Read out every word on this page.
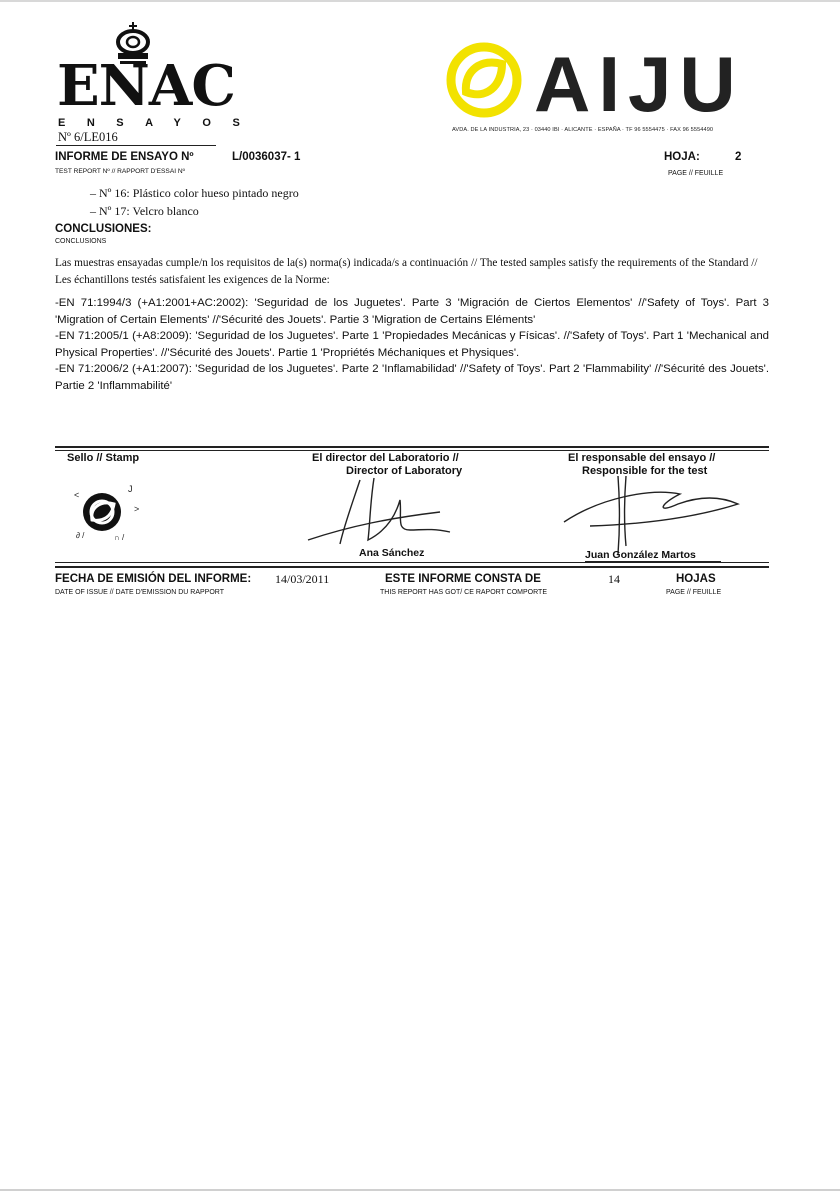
ENAC
ENSAYOS
Nº 6/LE016
AIJU
AVDA. DE LA INDUSTRIA, 23 · 03440 IBI · ALICANTE · ESPAÑA · TF 96 5554475 · FAX 96 5554490
INFORME DE ENSAYO Nº	L/0036037- 1
TEST REPORT Nº // RAPPORT D'ESSAI Nº
HOJA:	2
PAGE // FEUILLE
– Nº 16: Plástico color hueso pintado negro
– Nº 17: Velcro blanco
CONCLUSIONES:
CONCLUSIONS
Las muestras ensayadas cumple/n los requisitos de la(s) norma(s) indicada/s a continuación // The tested samples satisfy the requirements of the Standard // Les échantillons testés satisfaient les exigences de la Norme:

-EN 71:1994/3 (+A1:2001+AC:2002): 'Seguridad de los Juguetes'. Parte 3 'Migración de Ciertos Elementos' //'Safety of Toys'. Part 3 'Migration of Certain Elements' //'Sécurité des Jouets'. Partie 3 'Migration de Certains Eléments'

-EN 71:2005/1 (+A8:2009): 'Seguridad de los Juguetes'. Parte 1 'Propiedades Mecánicas y Físicas'. //'Safety of Toys'. Part 1 'Mechanical and Physical Properties'. //'Sécurité des Jouets'. Partie 1 'Propriétés Méchaniques et Physiques'.

-EN 71:2006/2 (+A1:2007): 'Seguridad de los Juguetes'. Parte 2 'Inflamabilidad' //'Safety of Toys'. Part 2 'Flammability' //'Sécurité des Jouets'. Partie 2 'Inflammabilité'

Sello // Stamp
<
J
>
∂ /	∩ /
El director del Laboratorio //
Director of Laboratory
Ana Sánchez
El responsable del ensayo //
Responsible for the test
Juan González Martos
FECHA DE EMISIÓN DEL INFORME: 14/03/2011
DATE OF ISSUE // DATE D'EMISSION DU RAPPORT
ESTE INFORME CONSTA DE	14
THIS REPORT HAS GOT/ CE RAPORT COMPORTE
HOJAS
PAGE // FEUILLE
